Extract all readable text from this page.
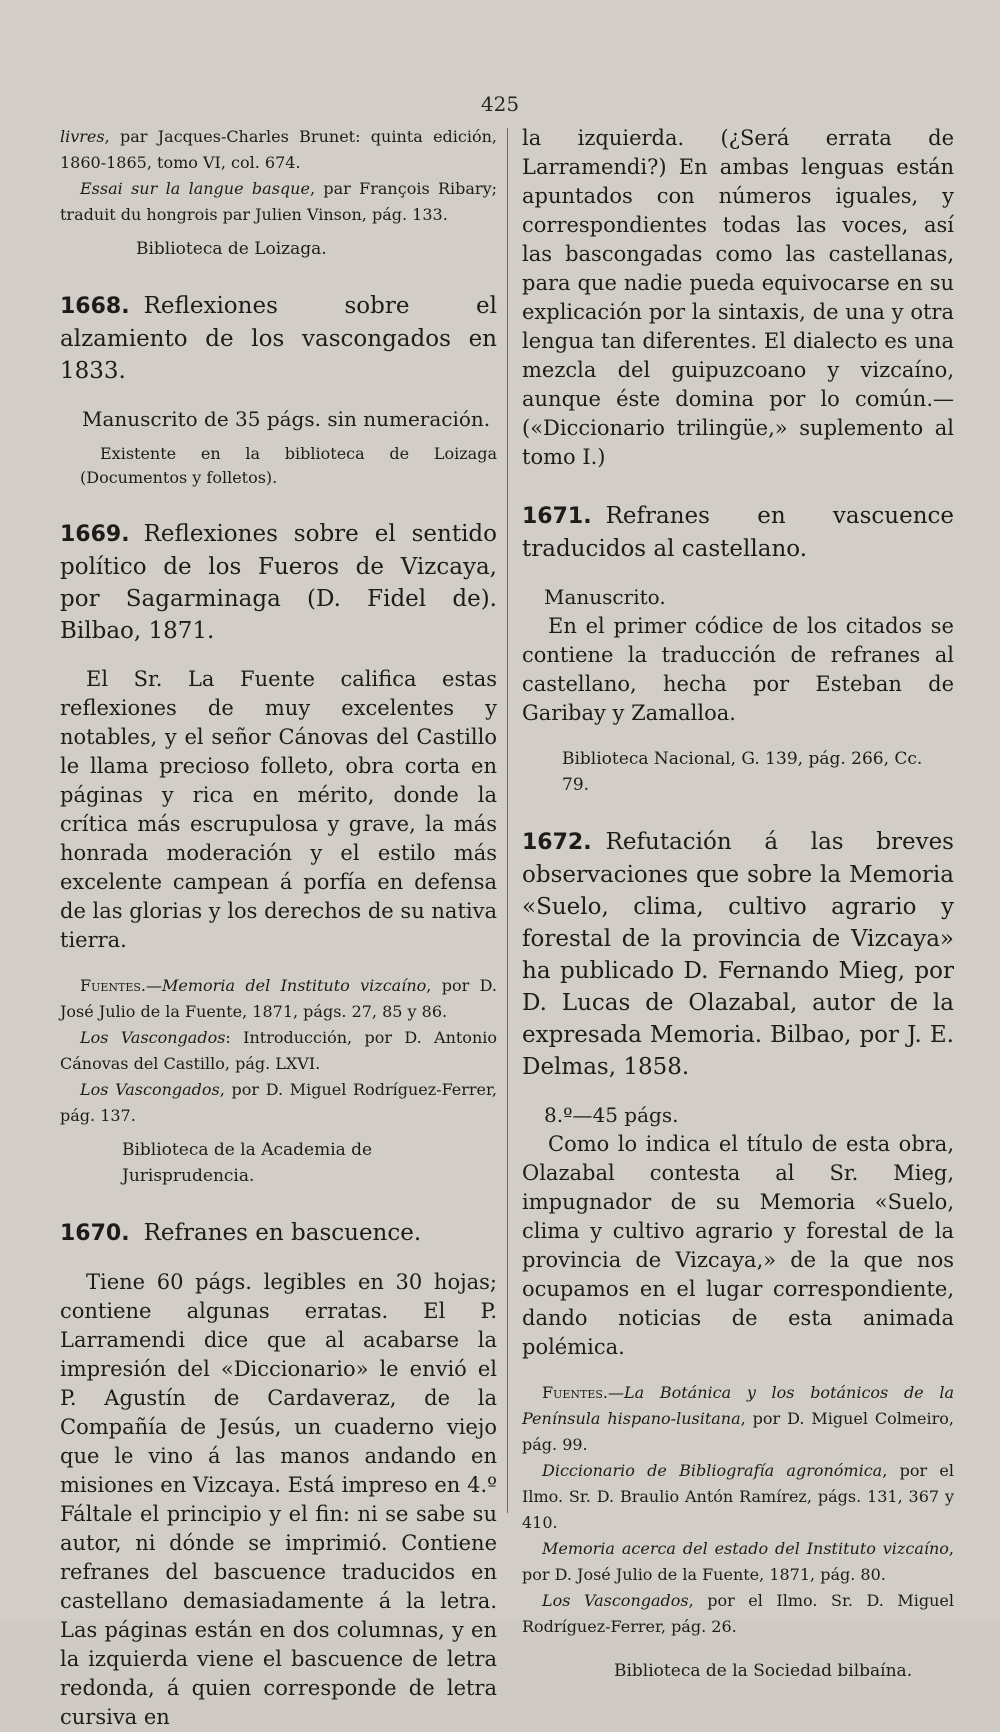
425

livres, par Jacques-Charles Brunet: quinta edición, 1860-1865, tomo VI, col. 674.

Essai sur la langue basque, par François Ribary; traduit du hongrois par Julien Vinson, pág. 133.

Biblioteca de Loizaga.

1668. Reflexiones sobre el alzamiento de los vascongados en 1833.

Manuscrito de 35 págs. sin numeración.

Existente en la biblioteca de Loizaga (Documentos y folletos).

1669. Reflexiones sobre el sentido político de los Fueros de Vizcaya, por Sagarminaga (D. Fidel de). Bilbao, 1871.

El Sr. La Fuente califica estas reflexiones de muy excelentes y notables, y el señor Cánovas del Castillo le llama precioso folleto, obra corta en páginas y rica en mérito, donde la crítica más escrupulosa y grave, la más honrada moderación y el estilo más excelente campean á porfía en defensa de las glorias y los derechos de su nativa tierra.

Fuentes.—Memoria del Instituto vizcaíno, por D. José Julio de la Fuente, 1871, págs. 27, 85 y 86.

Los Vascongados: Introducción, por D. Antonio Cánovas del Castillo, pág. LXVI.

Los Vascongados, por D. Miguel Rodríguez-Ferrer, pág. 137.

Biblioteca de la Academia de Jurisprudencia.

1670. Refranes en bascuence.

Tiene 60 págs. legibles en 30 hojas; contiene algunas erratas. El P. Larramendi dice que al acabarse la impresión del «Diccionario» le envió el P. Agustín de Cardaveraz, de la Compañía de Jesús, un cuaderno viejo que le vino á las manos andando en misiones en Vizcaya. Está impreso en 4.º Fáltale el principio y el fin: ni se sabe su autor, ni dónde se imprimió. Contiene refranes del bascuence traducidos en castellano demasiadamente á la letra. Las páginas están en dos columnas, y en la izquierda viene el bascuence de letra redonda, á quien corresponde de letra cursiva en

la izquierda. (¿Será errata de Larramendi?) En ambas lenguas están apuntados con números iguales, y correspondientes todas las voces, así las bascongadas como las castellanas, para que nadie pueda equivocarse en su explicación por la sintaxis, de una y otra lengua tan diferentes. El dialecto es una mezcla del guipuzcoano y vizcaíno, aunque éste domina por lo común.—(«Diccionario trilingüe,» suplemento al tomo I.)

1671. Refranes en vascuence traducidos al castellano.

Manuscrito.

En el primer códice de los citados se contiene la traducción de refranes al castellano, hecha por Esteban de Garibay y Zamalloa.

Biblioteca Nacional, G. 139, pág. 266, Cc. 79.

1672. Refutación á las breves observaciones que sobre la Memoria «Suelo, clima, cultivo agrario y forestal de la provincia de Vizcaya» ha publicado D. Fernando Mieg, por D. Lucas de Olazabal, autor de la expresada Memoria. Bilbao, por J. E. Delmas, 1858.

8.º—45 págs.

Como lo indica el título de esta obra, Olazabal contesta al Sr. Mieg, impugnador de su Memoria «Suelo, clima y cultivo agrario y forestal de la provincia de Vizcaya,» de la que nos ocupamos en el lugar correspondiente, dando noticias de esta animada polémica.

Fuentes.—La Botánica y los botánicos de la Península hispano-lusitana, por D. Miguel Colmeiro, pág. 99.

Diccionario de Bibliografía agronómica, por el Ilmo. Sr. D. Braulio Antón Ramírez, págs. 131, 367 y 410.

Memoria acerca del estado del Instituto vizcaíno, por D. José Julio de la Fuente, 1871, pág. 80.

Los Vascongados, por el Ilmo. Sr. D. Miguel Rodríguez-Ferrer, pág. 26.

Biblioteca de la Sociedad bilbaína.
